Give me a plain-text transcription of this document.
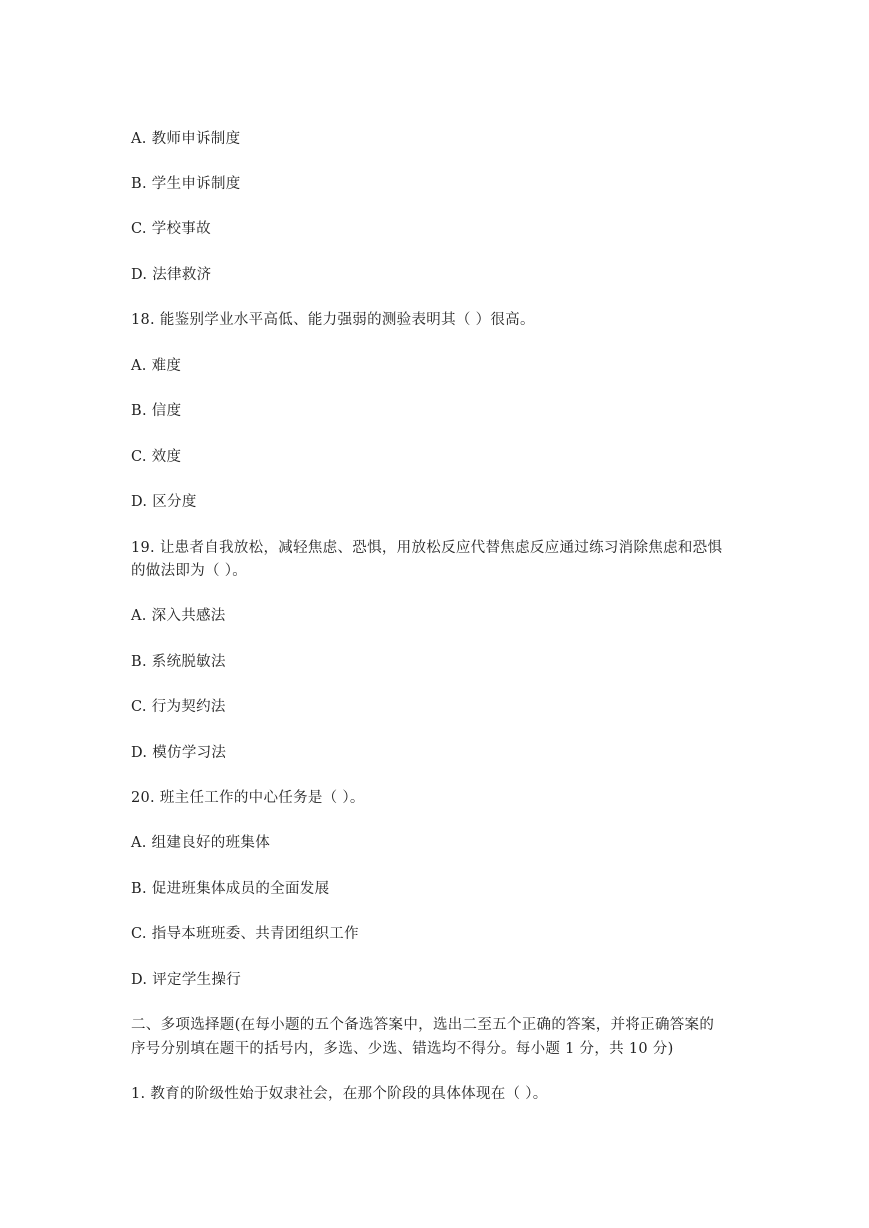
A. 教师申诉制度
B. 学生申诉制度
C. 学校事故
D. 法律救济
18. 能鉴别学业水平高低、能力强弱的测验表明其（ ）很高。
A. 难度
B. 信度
C. 效度
D. 区分度
19. 让患者自我放松，减轻焦虑、恐惧，用放松反应代替焦虑反应通过练习消除焦虑和恐惧
的做法即为（ ）。
A. 深入共感法
B. 系统脱敏法
C. 行为契约法
D. 模仿学习法
20. 班主任工作的中心任务是（ ）。
A. 组建良好的班集体
B. 促进班集体成员的全面发展
C. 指导本班班委、共青团组织工作
D. 评定学生操行
二、多项选择题(在每小题的五个备选答案中，选出二至五个正确的答案，并将正确答案的
序号分别填在题干的括号内，多选、少选、错选均不得分。每小题 1 分，共 10 分)
1. 教育的阶级性始于奴隶社会，在那个阶段的具体体现在（ ）。
